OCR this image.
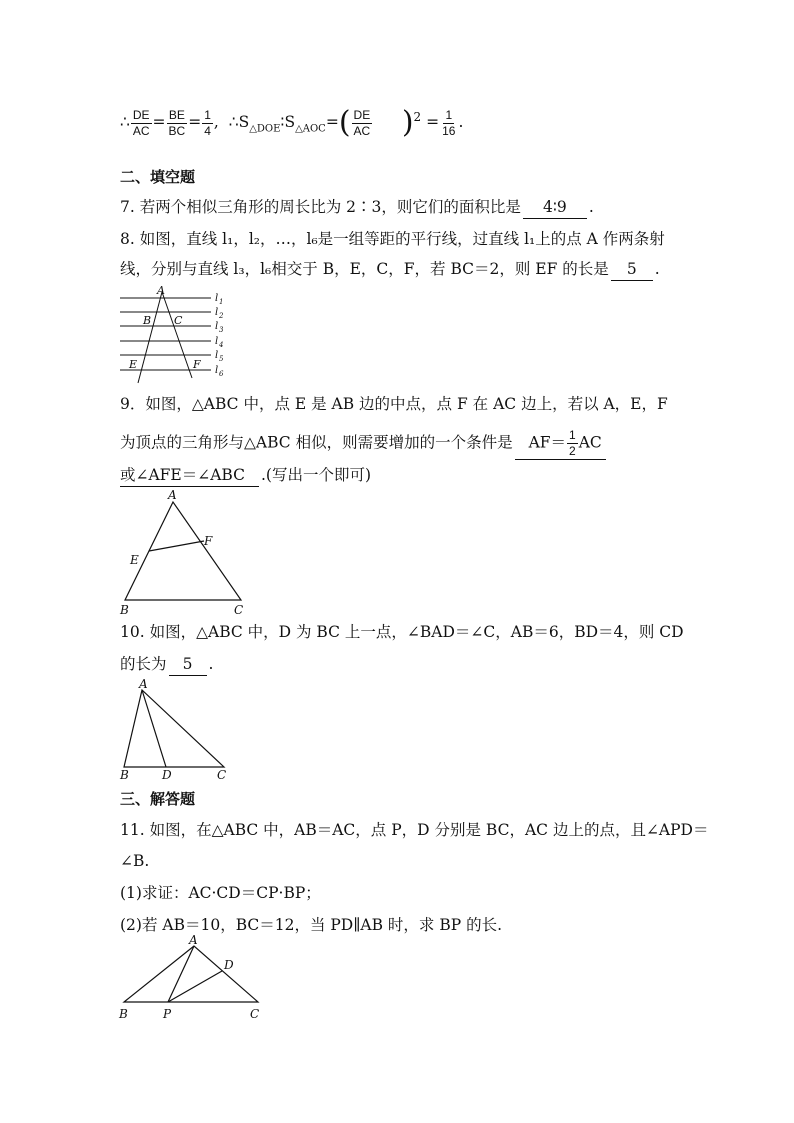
∴ $\frac{DE}{AC} = \frac{BE}{BC} = \frac{1}{4}$ , $\therefore S_{\triangle DOE}∶S_{\triangle AOC}=( \frac{DE}{AC} )^2 = \frac{1}{16}$ .
二、填空题
7. 若两个相似三角形的周长比为 2∶3，则它们的面积比是 4∶9 .
8. 如图，直线 l₁，l₂，…，l₆是一组等距的平行线，过直线 l₁上的点 A 作两条射
线，分别与直线 l₃，l₆相交于 B，E，C，F，若 BC＝2，则 EF 的长是 5 .
A
B C
E	F
l 1
l 2
l 3
l 4
l 5
l 6
9．如图，△ABC 中，点 E 是 AB 边的中点，点 F 在 AC 边上，若以 A，E，F
为顶点的三角形与△ABC 相似，则需要增加的一个条件是 $AF= \frac{1}{2}$ AC
或∠AFE＝∠ABC .(写出一个即可)
A
E
F
B	C
10. 如图，△ABC 中，D 为 BC 上一点，∠BAD＝∠C，AB＝6，BD＝4，则 CD
的长为 5 .
A
B	D	C
三、解答题
11. 如图，在△ABC 中，AB＝AC，点 P，D 分别是 BC，AC 边上的点，且∠APD＝
∠B.
(1)求证：AC·CD＝CP·BP；
(2)若 AB＝10，BC＝12，当 PD∥AB 时，求 BP 的长.
A
D
B	P	C
